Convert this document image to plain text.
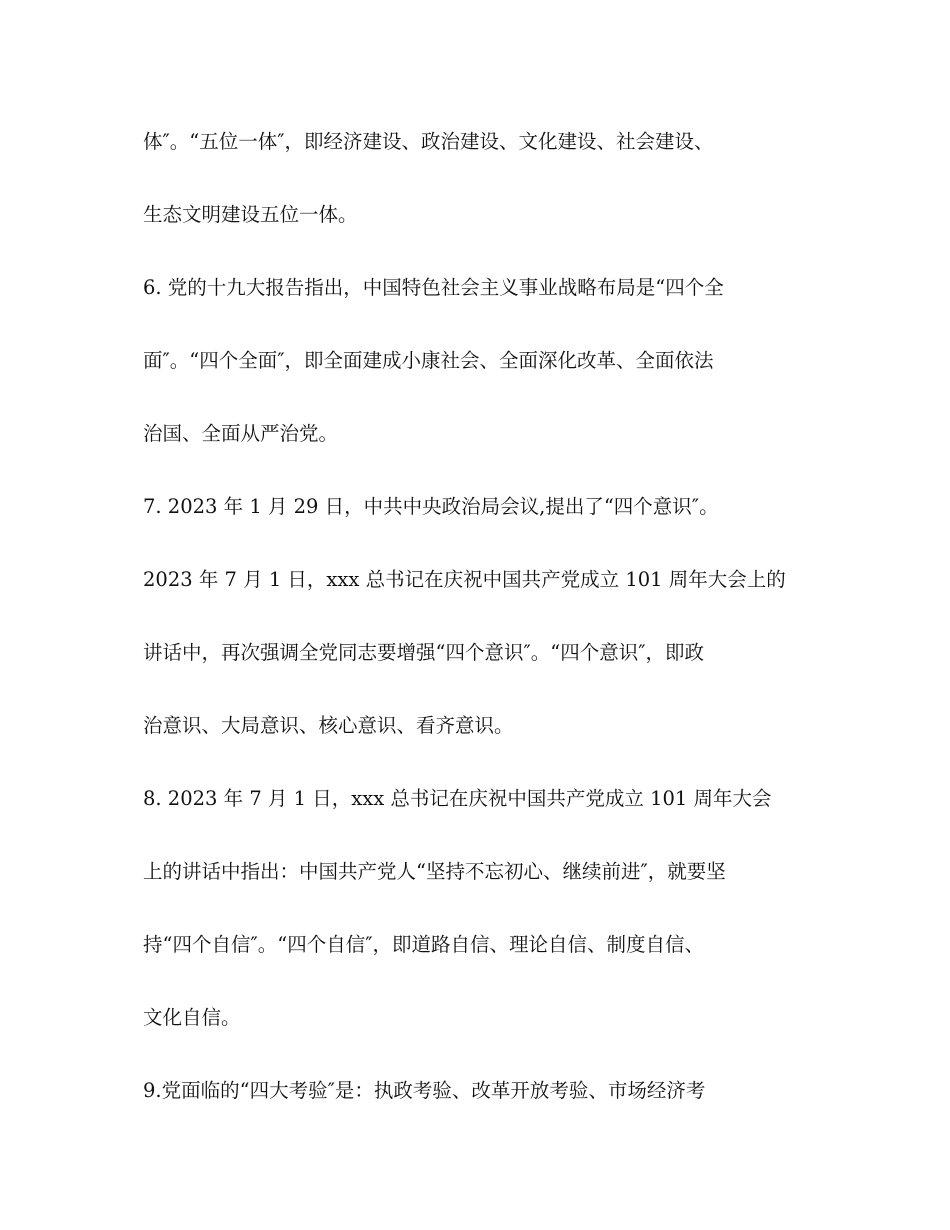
体″。“五位一体″，即经济建设、政治建设、文化建设、社会建设、
生态文明建设五位一体。
6. 党的十九大报告指出，中国特色社会主义事业战略布局是“四个全
面″。“四个全面″，即全面建成小康社会、全面深化改革、全面依法
治国、全面从严治党。
7. 2023 年 1 月 29 日，中共中央政治局会议,提出了“四个意识″。
2023 年 7 月 1 日，xxx 总书记在庆祝中国共产党成立 101 周年大会上的
讲话中，再次强调全党同志要增强“四个意识″。“四个意识″，即政
治意识、大局意识、核心意识、看齐意识。
8. 2023 年 7 月 1 日，xxx 总书记在庆祝中国共产党成立 101 周年大会
上的讲话中指出：中国共产党人“坚持不忘初心、继续前进″，就要坚
持“四个自信″。“四个自信″，即道路自信、理论自信、制度自信、
文化自信。
9.党面临的“四大考验″是：执政考验、改革开放考验、市场经济考
